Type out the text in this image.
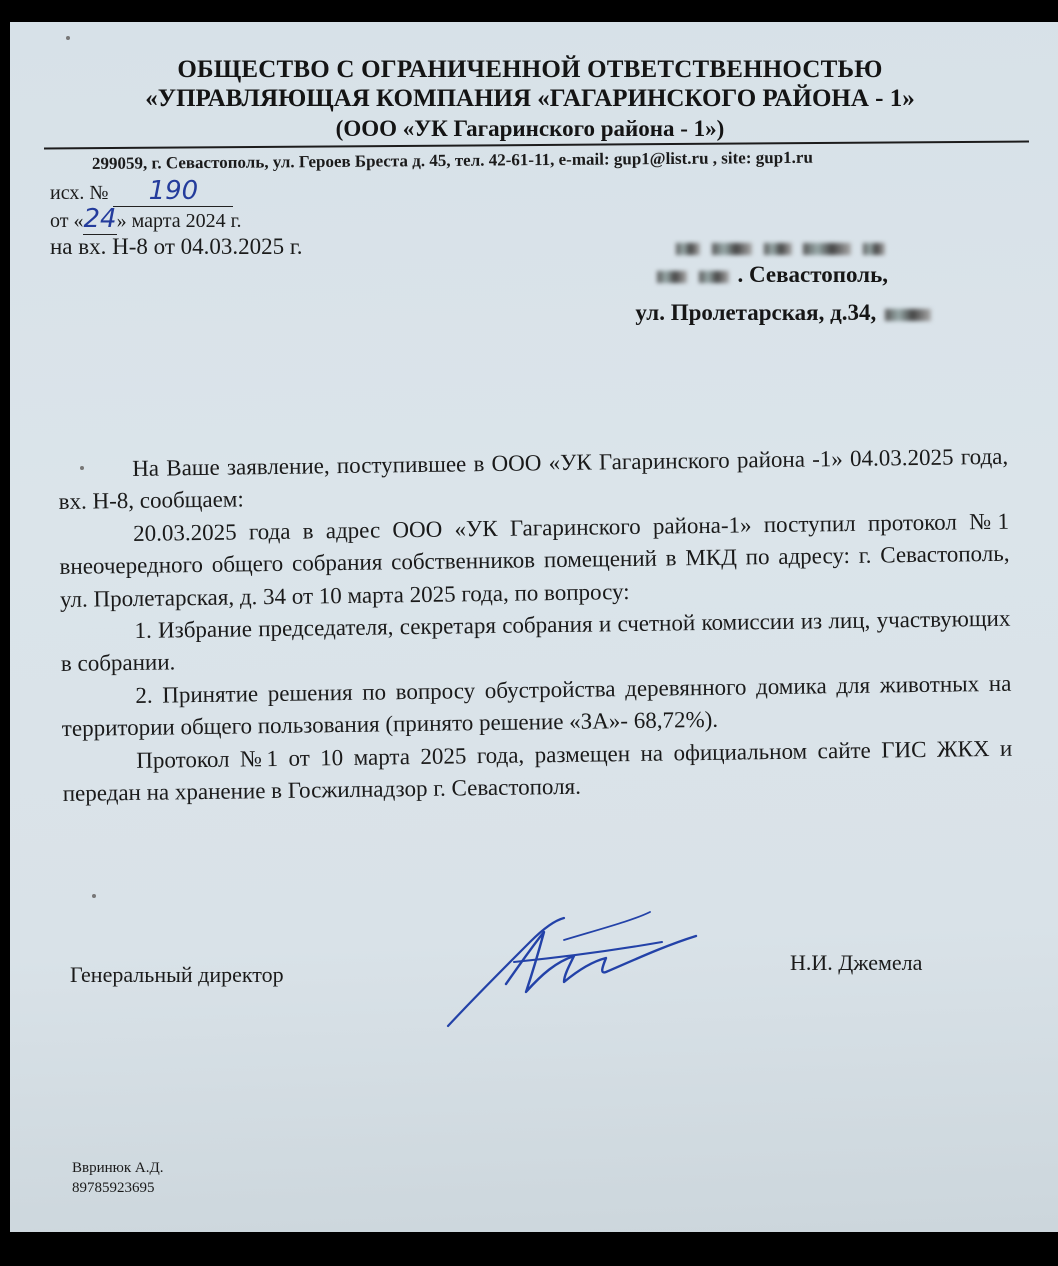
ОБЩЕСТВО С ОГРАНИЧЕННОЙ ОТВЕТСТВЕННОСТЬЮ
«УПРАВЛЯЮЩАЯ КОМПАНИЯ «ГАГАРИНСКОГО РАЙОНА - 1»
(ООО «УК Гагаринского района - 1»)
299059, г. Севастополь, ул. Героев Бреста д. 45, тел. 42-61-11, e-mail: gup1@list.ru , site: gup1.ru
исх. № 190
от «24» марта 2024 г.
на вх. Н-8 от 04.03.2025 г.

. Севастополь,
ул. Пролетарская, д.34,

На Ваше заявление, поступившее в ООО «УК Гагаринского района -1» 04.03.2025 года, вх. Н-8, сообщаем:

20.03.2025 года в адрес ООО «УК Гагаринского района-1» поступил протокол №1 внеочередного общего собрания собственников помещений в МКД по адресу: г. Севастополь, ул. Пролетарская, д. 34 от 10 марта 2025 года, по вопросу:

1. Избрание председателя, секретаря собрания и счетной комиссии из лиц, участвующих в собрании.

2. Принятие решения по вопросу обустройства деревянного домика для животных на территории общего пользования (принято решение «ЗА»- 68,72%).

Протокол №1 от 10 марта 2025 года, размещен на официальном сайте ГИС ЖКХ и передан на хранение в Госжилнадзор г. Севастополя.

Генеральный директор	Н.И. Джемела
Ввринюк А.Д.
89785923695
